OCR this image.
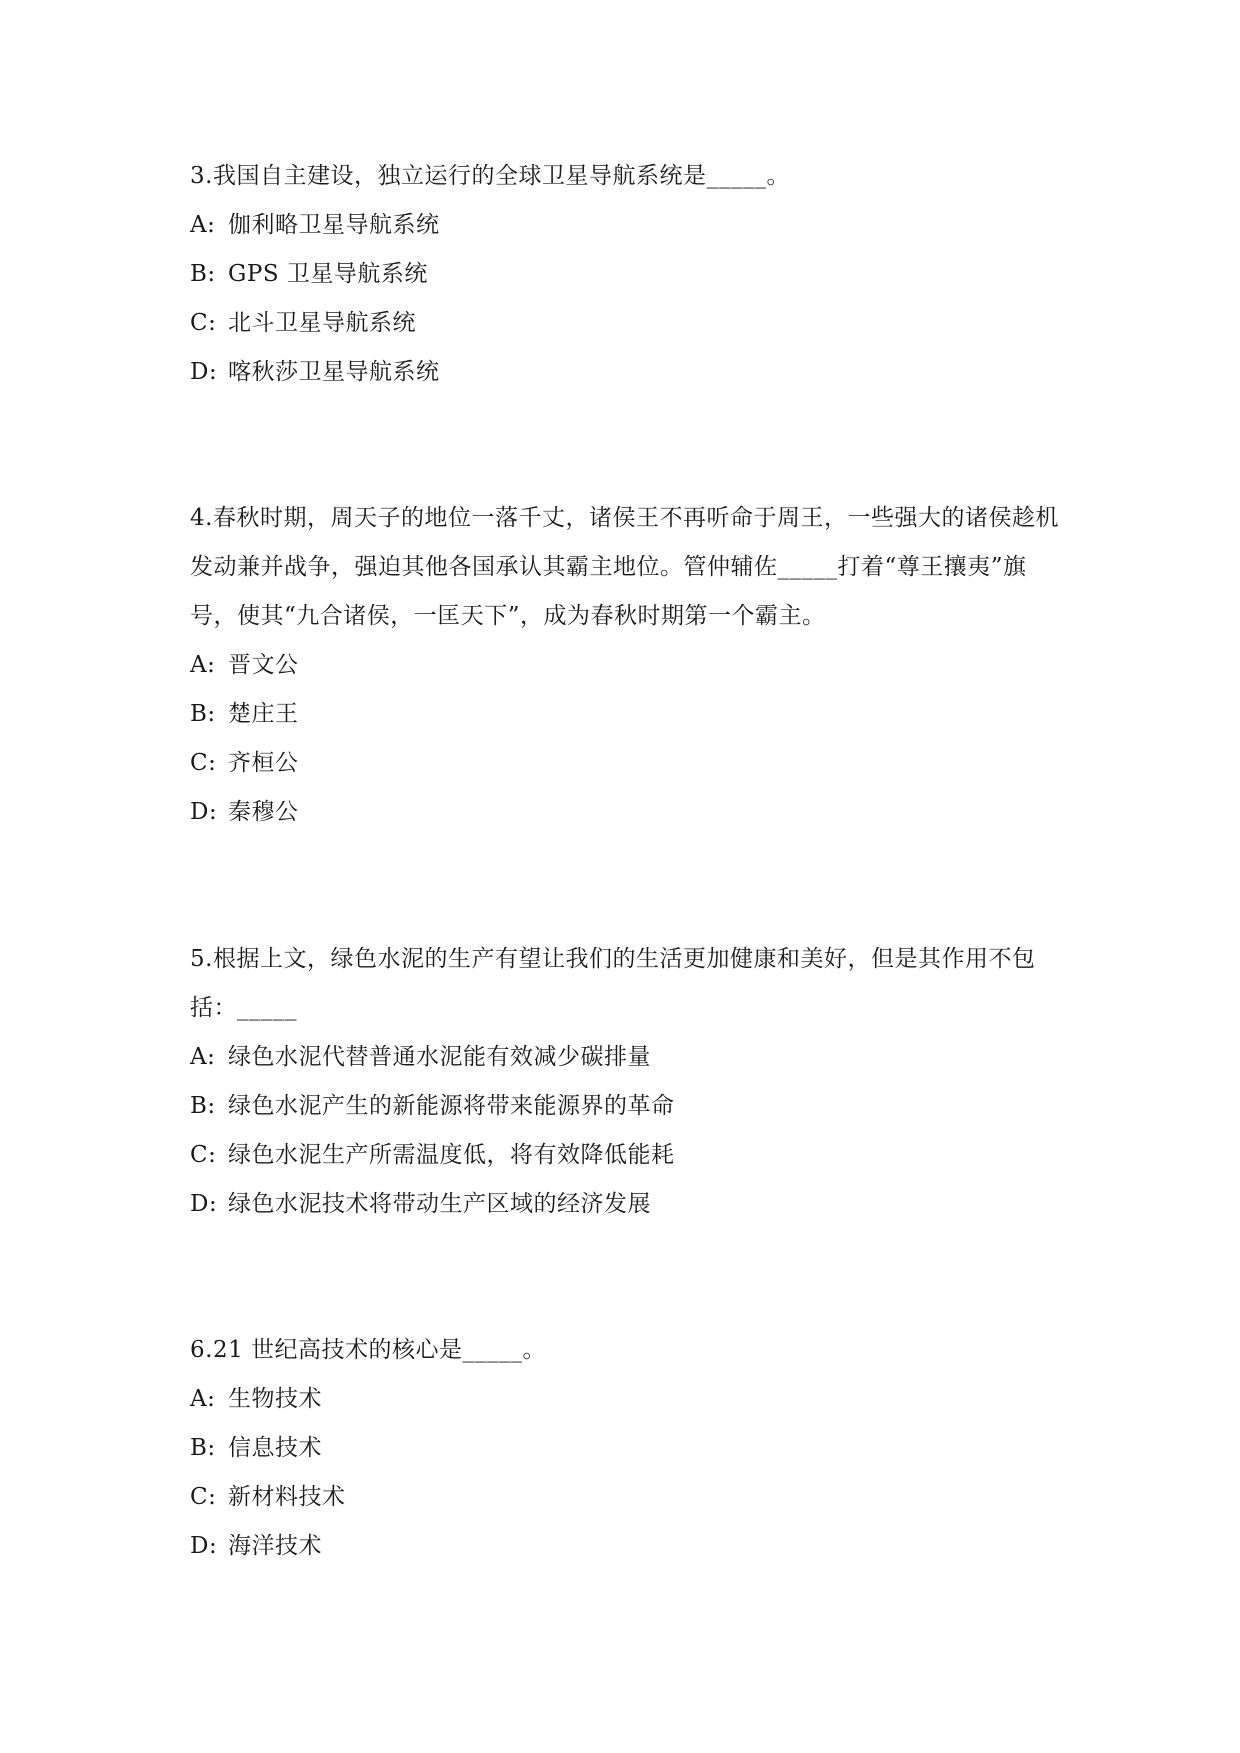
3.我国自主建设，独立运行的全球卫星导航系统是_____。

A: 伽利略卫星导航系统

B: GPS 卫星导航系统

C: 北斗卫星导航系统

D: 喀秋莎卫星导航系统

4.春秋时期，周天子的地位一落千丈，诸侯王不再听命于周王，一些强大的诸侯趁机发动兼并战争，强迫其他各国承认其霸主地位。管仲辅佐_____打着“尊王攘夷”旗号，使其“九合诸侯，一匡天下”，成为春秋时期第一个霸主。

A: 晋文公

B: 楚庄王

C: 齐桓公

D: 秦穆公

5.根据上文，绿色水泥的生产有望让我们的生活更加健康和美好，但是其作用不包括：_____

A: 绿色水泥代替普通水泥能有效减少碳排量

B: 绿色水泥产生的新能源将带来能源界的革命

C: 绿色水泥生产所需温度低，将有效降低能耗

D: 绿色水泥技术将带动生产区域的经济发展

6.21 世纪高技术的核心是_____。

A: 生物技术

B: 信息技术

C: 新材料技术

D: 海洋技术
